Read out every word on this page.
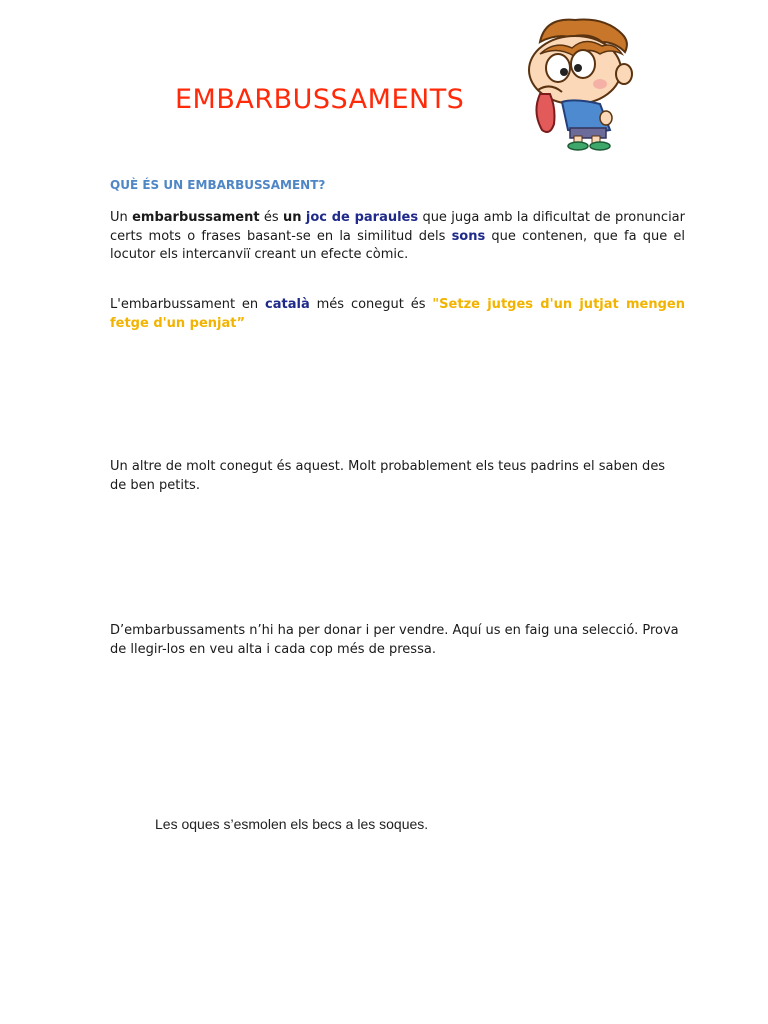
EMBARBUSSAMENTS
QUÈ ÉS UN EMBARBUSSAMENT?
Un embarbussament és un joc de paraules que juga amb la dificultat de pronunciar certs mots o frases basant-se en la similitud dels sons que contenen, que fa que el locutor els intercanviï creant un efecte còmic.
L'embarbussament en català més conegut és "Setze jutges d'un jutjat mengen fetge d'un penjat”
Un altre de molt conegut és aquest. Molt probablement els teus padrins el saben des de ben petits.
D’embarbussaments n’hi ha per donar i per vendre. Aquí us en faig una selecció. Prova de llegir-los en veu alta i cada cop més de pressa.
Les oques s’esmolen els becs a les soques.
